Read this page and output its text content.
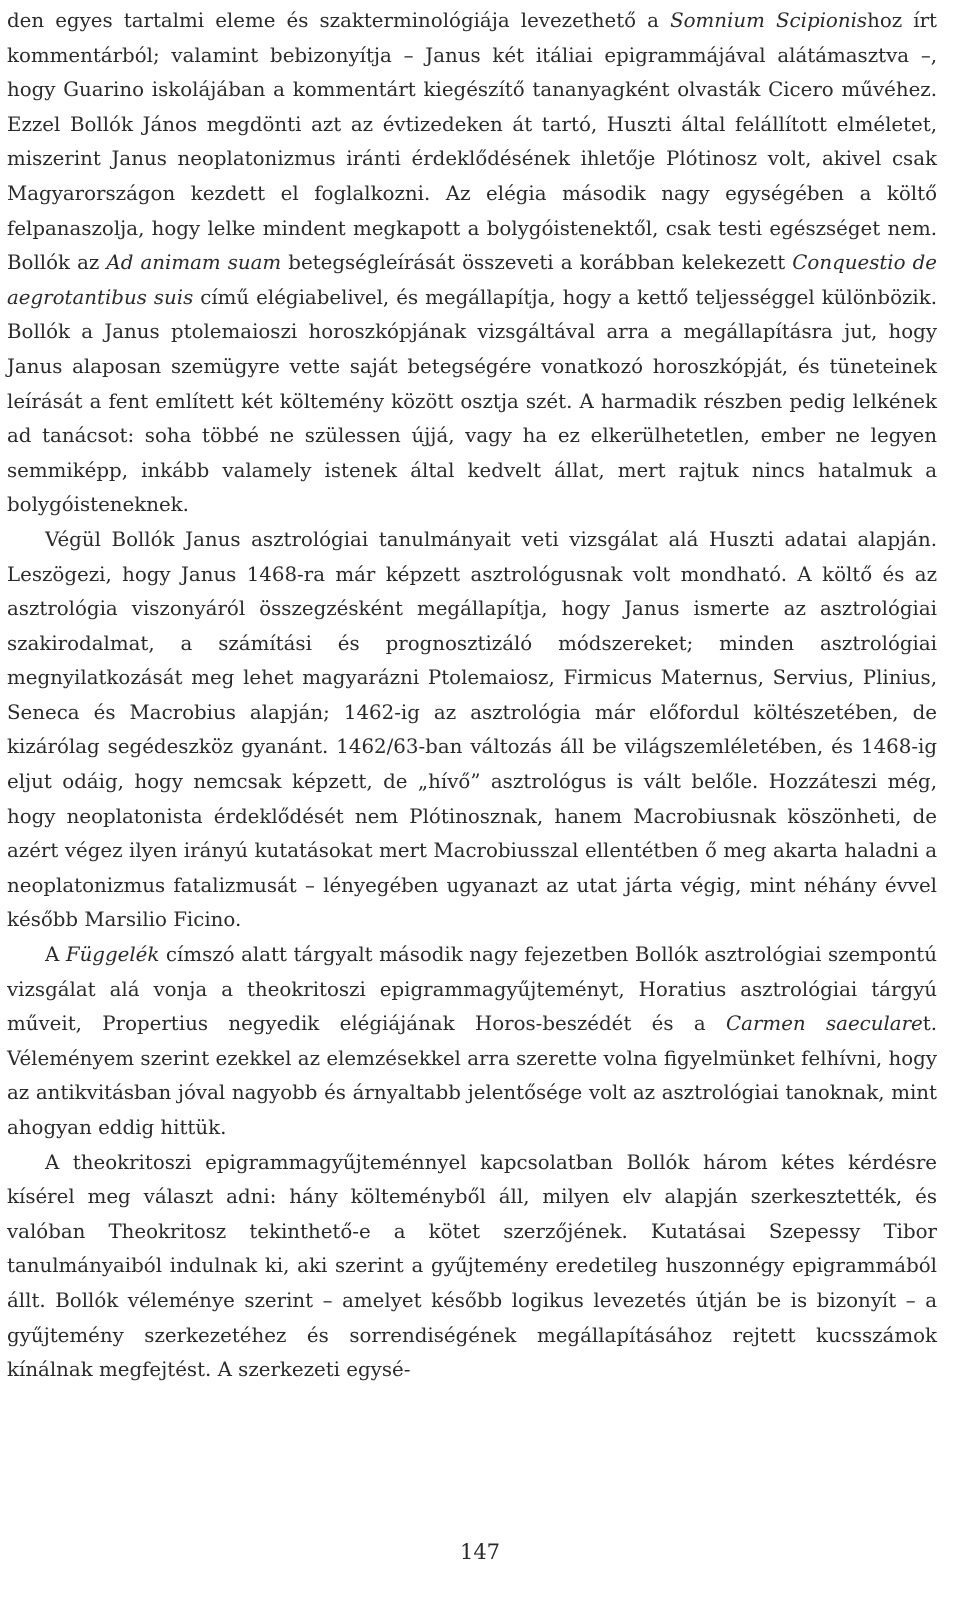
den egyes tartalmi eleme és szakterminológiája levezethető a Somnium Scipionishoz írt kommentárból; valamint bebizonyítja – Janus két itáliai epigrammájával alátámasztva –, hogy Guarino iskolájában a kommentárt kiegészítő tananyagként olvasták Cicero művéhez. Ezzel Bollók János megdönti azt az évtizedeken át tartó, Huszti által felállított elméletet, miszerint Janus neoplatonizmus iránti érdeklődésének ihletője Plótinosz volt, akivel csak Magyarországon kezdett el foglalkozni. Az elégia második nagy egységében a költő felpanaszolja, hogy lelke mindent megkapott a bolygóistenektől, csak testi egészséget nem. Bollók az Ad animam suam betegségleírását összeveti a korábban kelekezett Conquestio de aegrotantibus suis című elégiabelivel, és megállapítja, hogy a kettő teljességgel különbözik. Bollók a Janus ptolemaioszi horoszkópjának vizsgáltával arra a megállapításra jut, hogy Janus alaposan szemügyre vette saját betegségére vonatkozó horoszkópját, és tüneteinek leírását a fent említett két költemény között osztja szét. A harmadik részben pedig lelkének ad tanácsot: soha többé ne szülessen újjá, vagy ha ez elkerülhetetlen, ember ne legyen semmiképp, inkább valamely istenek által kedvelt állat, mert rajtuk nincs hatalmuk a bolygóisteneknek.

Végül Bollók Janus asztrológiai tanulmányait veti vizsgálat alá Huszti adatai alapján. Leszögezi, hogy Janus 1468-ra már képzett asztrológusnak volt mondható. A költő és az asztrológia viszonyáról összegzésként megállapítja, hogy Janus ismerte az asztrológiai szakirodalmat, a számítási és prognosztizáló módszereket; minden asztrológiai megnyilatkozását meg lehet magyarázni Ptolemaiosz, Firmicus Maternus, Servius, Plinius, Seneca és Macrobius alapján; 1462-ig az asztrológia már előfordul költészetében, de kizárólag segédeszköz gyanánt. 1462/63-ban változás áll be világszemléletében, és 1468-ig eljut odáig, hogy nemcsak képzett, de „hívő” asztrológus is vált belőle. Hozzáteszi még, hogy neoplatonista érdeklődését nem Plótinosznak, hanem Macrobiusnak köszönheti, de azért végez ilyen irányú kutatásokat mert Macrobiusszal ellentétben ő meg akarta haladni a neoplatonizmus fatalizmusát – lényegében ugyanazt az utat járta végig, mint néhány évvel később Marsilio Ficino.

A Függelék címszó alatt tárgyalt második nagy fejezetben Bollók asztrológiai szempontú vizsgálat alá vonja a theokritoszi epigrammagyűjteményt, Horatius asztrológiai tárgyú műveit, Propertius negyedik elégiájának Horos-beszédét és a Carmen saecularet. Véleményem szerint ezekkel az elemzésekkel arra szerette volna figyelmünket felhívni, hogy az antikvitásban jóval nagyobb és árnyaltabb jelentősége volt az asztrológiai tanoknak, mint ahogyan eddig hittük.

A theokritoszi epigrammagyűjteménnyel kapcsolatban Bollók három kétes kérdésre kísérel meg választ adni: hány költeményből áll, milyen elv alapján szerkesztették, és valóban Theokritosz tekinthető-e a kötet szerzőjének. Kutatásai Szepessy Tibor tanulmányaiból indulnak ki, aki szerint a gyűjtemény eredetileg huszonnégy epigrammából állt. Bollók véleménye szerint – amelyet később logikus levezetés útján be is bizonyít – a gyűjtemény szerkezetéhez és sorrendiségének megállapításához rejtett kucsszámok kínálnak megfejtést. A szerkezeti egysé-

147
